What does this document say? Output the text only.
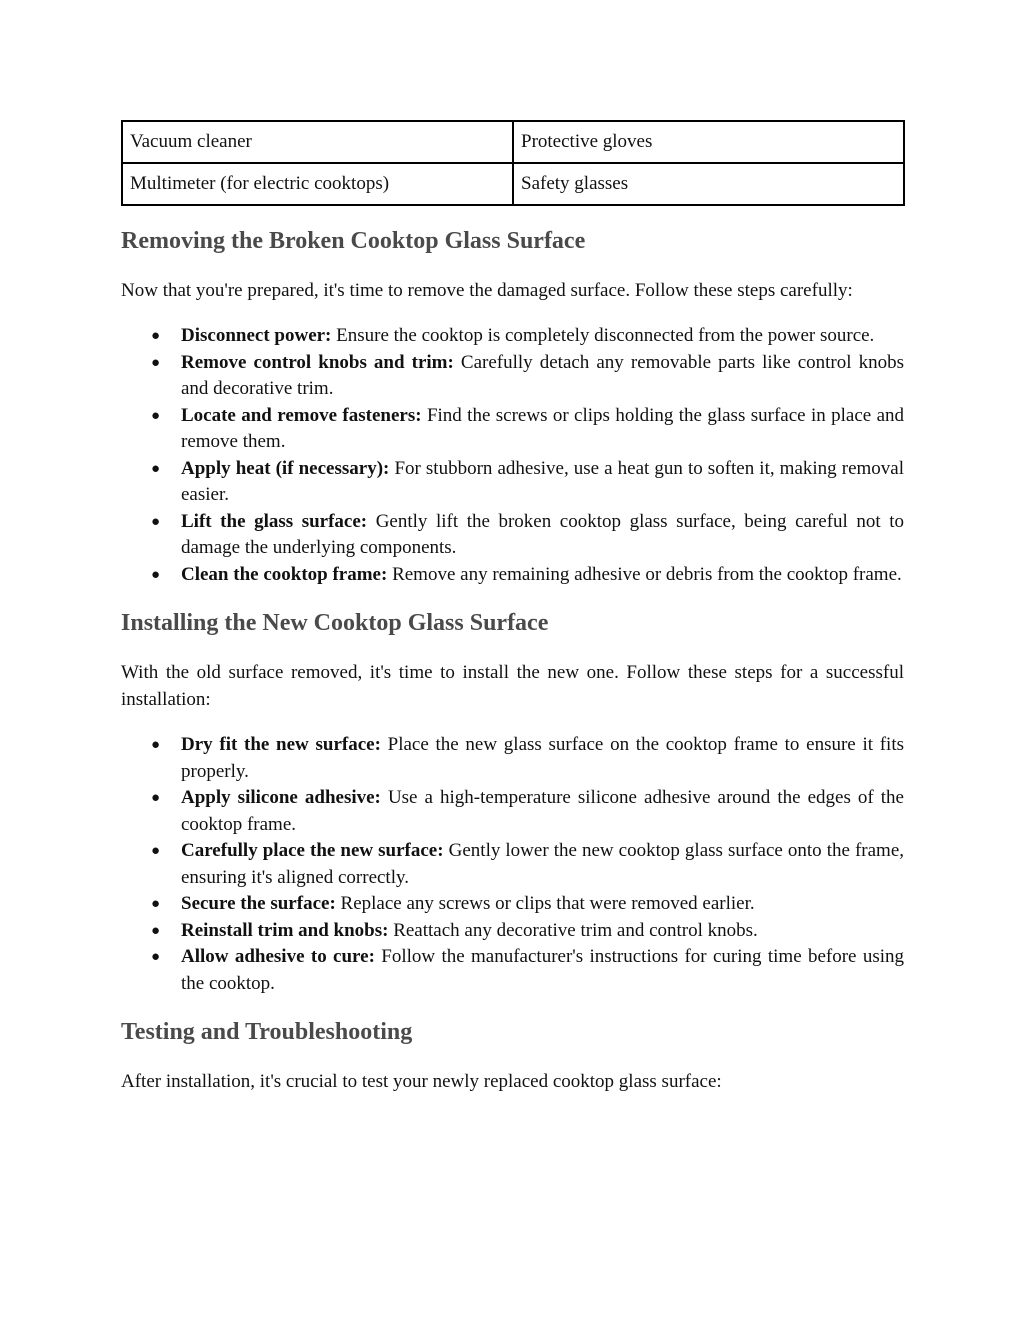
Vacuum cleaner	Protective gloves
Multimeter (for electric cooktops)	Safety glasses
Removing the Broken Cooktop Glass Surface

Now that you're prepared, it's time to remove the damaged surface. Follow these steps carefully:

● Disconnect power: Ensure the cooktop is completely disconnected from the power source.
● Remove control knobs and trim: Carefully detach any removable parts like control knobs and decorative trim.
● Locate and remove fasteners: Find the screws or clips holding the glass surface in place and remove them.
● Apply heat (if necessary): For stubborn adhesive, use a heat gun to soften it, making removal easier.
● Lift the glass surface: Gently lift the broken cooktop glass surface, being careful not to damage the underlying components.
● Clean the cooktop frame: Remove any remaining adhesive or debris from the cooktop frame.
Installing the New Cooktop Glass Surface

With the old surface removed, it's time to install the new one. Follow these steps for a successful installation:

● Dry fit the new surface: Place the new glass surface on the cooktop frame to ensure it fits properly.
● Apply silicone adhesive: Use a high-temperature silicone adhesive around the edges of the cooktop frame.
● Carefully place the new surface: Gently lower the new cooktop glass surface onto the frame, ensuring it's aligned correctly.
● Secure the surface: Replace any screws or clips that were removed earlier.
● Reinstall trim and knobs: Reattach any decorative trim and control knobs.
● Allow adhesive to cure: Follow the manufacturer's instructions for curing time before using the cooktop.
Testing and Troubleshooting

After installation, it's crucial to test your newly replaced cooktop glass surface:
